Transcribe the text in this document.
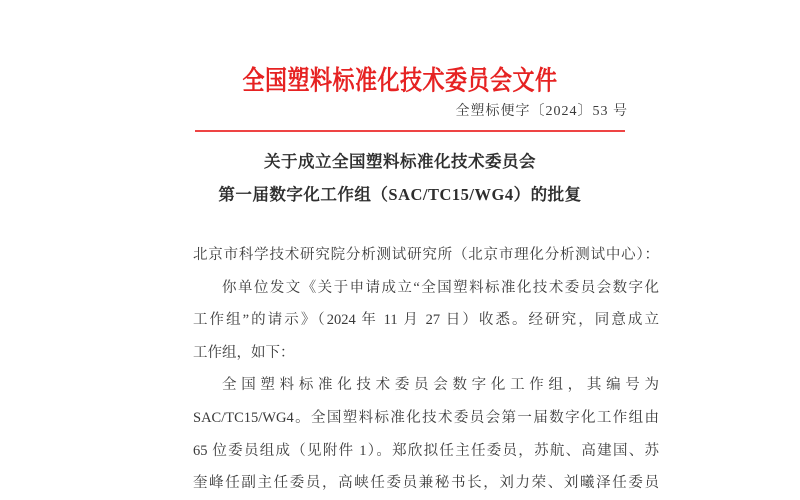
全国塑料标准化技术委员会文件
全塑标便字〔2024〕53 号
关于成立全国塑料标准化技术委员会
第一届数字化工作组（SAC/TC15/WG4）的批复
北京市科学技术研究院分析测试研究所（北京市理化分析测试中心）：
你单位发文《关于申请成立“全国塑料标准化技术委员会数字化
工作组”的请示》（2024 年 11 月 27 日）收悉。经研究，同意成立
工作组，如下：
全国塑料标准化技术委员会数字化工作组，其编号为
SAC/TC15/WG4。全国塑料标准化技术委员会第一届数字化工作组由
65 位委员组成（见附件 1）。郑欣拟任主任委员，苏航、高建国、苏
奎峰任副主任委员，高峡任委员兼秘书长，刘力荣、刘曦泽任委员
